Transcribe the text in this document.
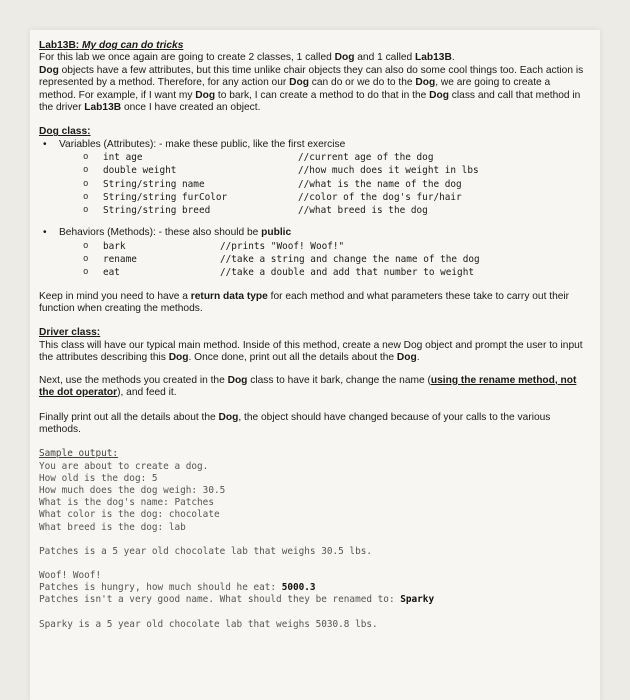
Lab13B: My dog can do tricks

For this lab we once again are going to create 2 classes, 1 called Dog and 1 called Lab13B.
Dog objects have a few attributes, but this time unlike chair objects they can also do some cool things too. Each action is represented by a method. Therefore, for any action our Dog can do or we do to the Dog, we are going to create a method. For example, if I want my Dog to bark, I can create a method to do that in the Dog class and call that method in the driver Lab13B once I have created an object.

Dog class:
• Variables (Attributes): - make these public, like the first exercise
o	int age	//current age of the dog
o	double weight	//how much does it weight in lbs
o	String/string name	//what is the name of the dog
o	String/string furColor	//color of the dog's fur/hair
o	String/string breed	//what breed is the dog
• Behaviors (Methods): - these also should be public
o	bark	//prints "Woof! Woof!"
o	rename	//take a string and change the name of the dog
o	eat	//take a double and add that number to weight

Keep in mind you need to have a return data type for each method and what parameters these take to carry out their function when creating the methods.

Driver class:

This class will have our typical main method. Inside of this method, create a new Dog object and prompt the user to input the attributes describing this Dog. Once done, print out all the details about the Dog.

Next, use the methods you created in the Dog class to have it bark, change the name (using the rename method, not the dot operator), and feed it.

Finally print out all the details about the Dog, the object should have changed because of your calls to the various methods.

Sample output:
You are about to create a dog.
How old is the dog: 5
How much does the dog weigh: 30.5
What is the dog's name: Patches
What color is the dog: chocolate
What breed is the dog: lab
Patches is a 5 year old chocolate lab that weighs 30.5 lbs.
Woof! Woof!
Patches is hungry, how much should he eat: 5000.3
Patches isn't a very good name. What should they be renamed to: Sparky
Sparky is a 5 year old chocolate lab that weighs 5030.8 lbs.
